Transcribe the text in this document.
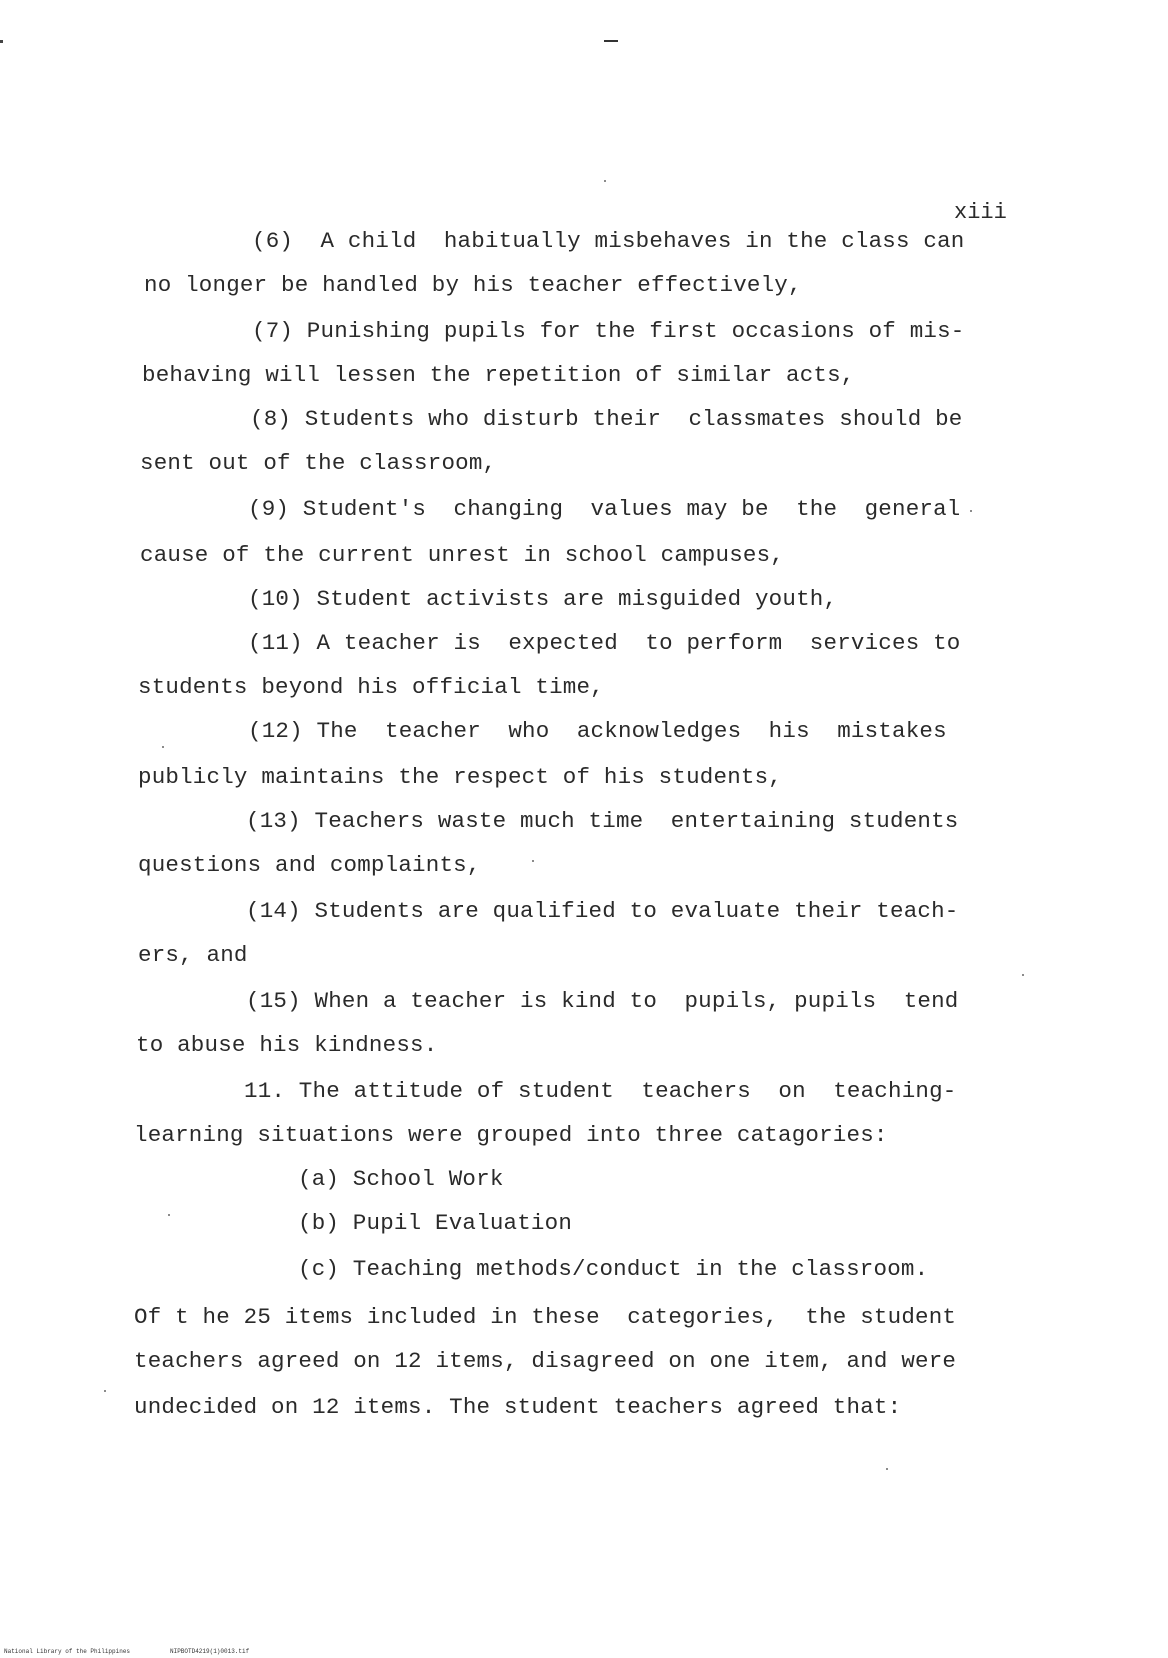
xiii
(6)  A child  habitually misbehaves in the class can
no longer be handled by his teacher effectively,
(7) Punishing pupils for the first occasions of mis-
behaving will lessen the repetition of similar acts,
(8) Students who disturb their  classmates should be
sent out of the classroom,
(9) Student's  changing  values may be  the  general
cause of the current unrest in school campuses,
(10) Student activists are misguided youth,
(11) A teacher is  expected  to perform  services to
students beyond his official time,
(12) The  teacher  who  acknowledges  his  mistakes
publicly maintains the respect of his students,
(13) Teachers waste much time  entertaining students
questions and complaints,
(14) Students are qualified to evaluate their teach-
ers, and
(15) When a teacher is kind to  pupils, pupils  tend
to abuse his kindness.
11. The attitude of student  teachers  on  teaching-
learning situations were grouped into three catagories:
(a) School Work
(b) Pupil Evaluation
(c) Teaching methods/conduct in the classroom.
Of t he 25 items included in these  categories,  the student
teachers agreed on 12 items, disagreed on one item, and were
undecided on 12 items. The student teachers agreed that:
National Library of the Philippines	NIPBOTD4219(1)0013.tif
